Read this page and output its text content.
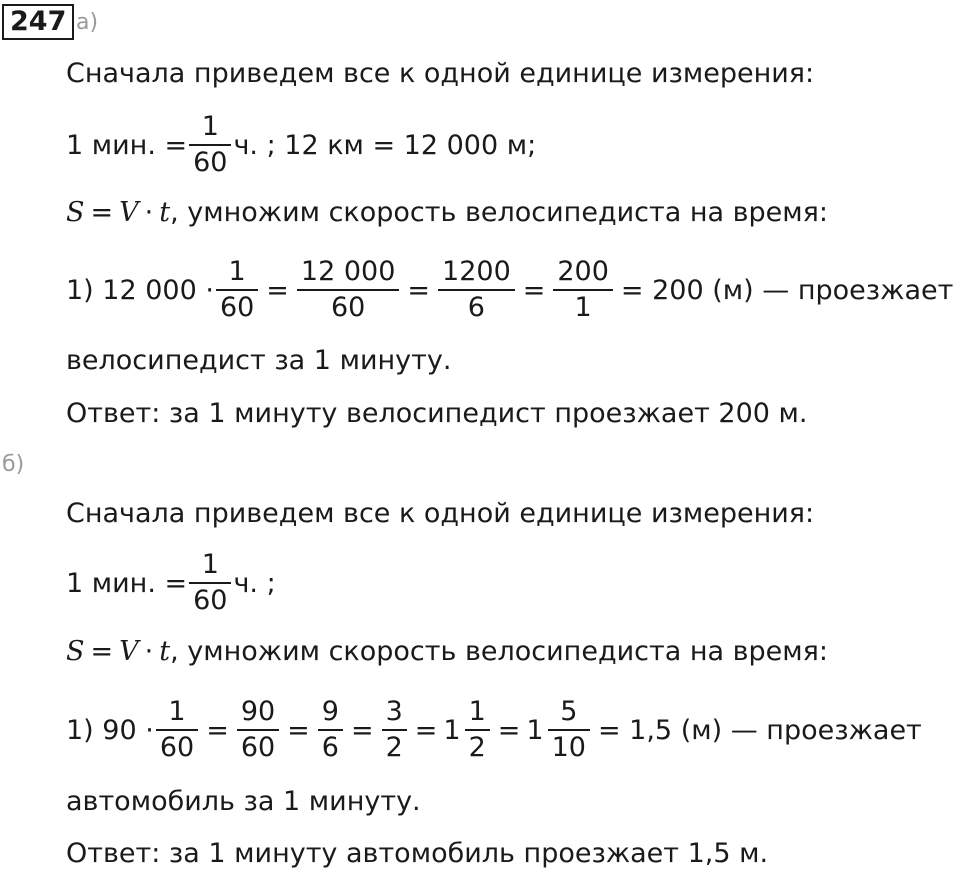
247 а)
Сначала приведем все к одной единице измерения:
1 мин. = $\frac{1}{60} ч$. ; 12 км = 12 000 м;
S = V · t , умножим скорость велосипедиста на время:
1) 12 $000 \cdot \frac{1}{60} = \frac{12 000}{60} = \frac{1200}{6} = \frac{200}{1} = 200$ (м) — проезжает
велосипедист за 1 минуту.
Ответ: за 1 минуту велосипедист проезжает 200 м.
б)
Сначала приведем все к одной единице измерения:
1 мин. = $\frac{1}{60} ч$. ;
S = V · t , умножим скорость велосипедиста на время:
1) $90 \cdot \frac{1}{60} = \frac{90}{60} = \frac{9}{6} = \frac{3}{2} = 1 \frac{1}{2} = 1 \frac{5}{10} = 1,5$ (м) — проезжает
автомобиль за 1 минуту.
Ответ: за 1 минуту автомобиль проезжает 1,5 м.
